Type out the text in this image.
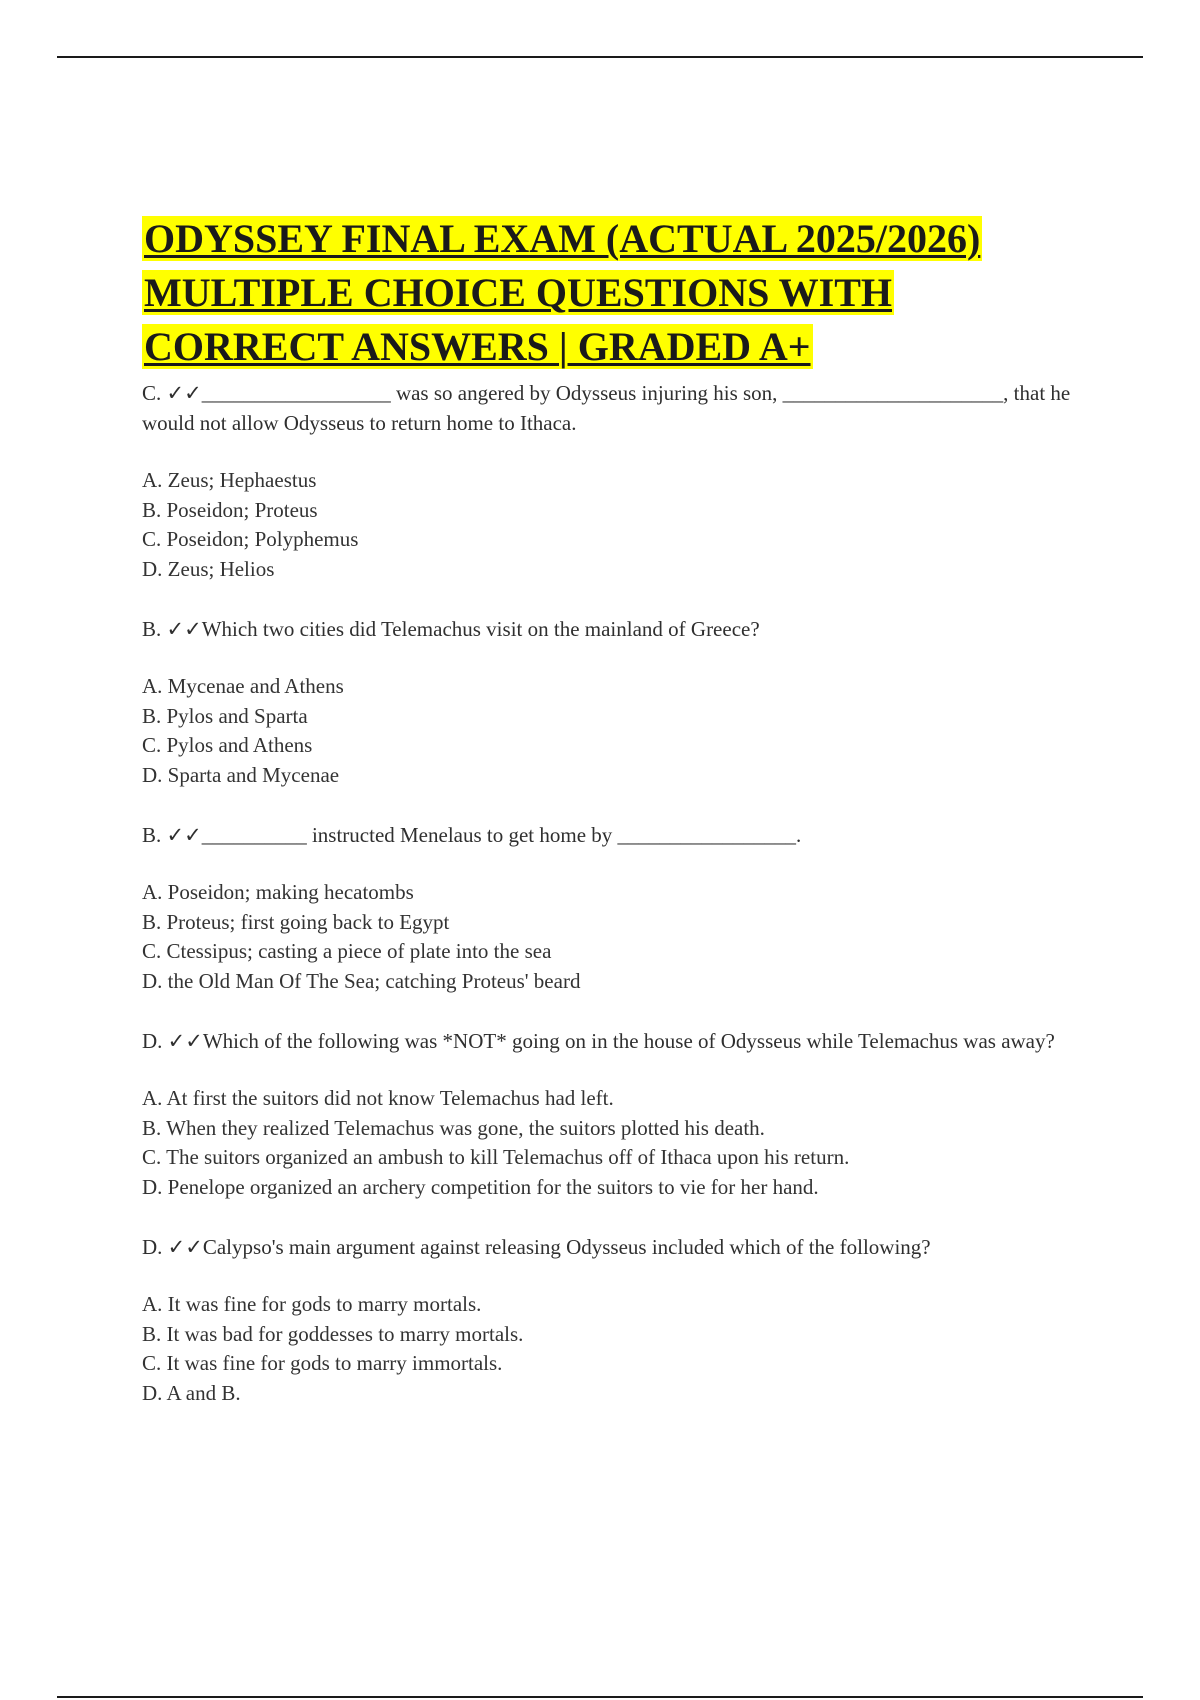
ODYSSEY FINAL EXAM (ACTUAL 2025/2026)
MULTIPLE CHOICE QUESTIONS WITH
CORRECT ANSWERS | GRADED A+

C. ✓✓__________________ was so angered by Odysseus injuring his son, _____________________, that he would not allow Odysseus to return home to Ithaca.

A. Zeus; Hephaestus
B. Poseidon; Proteus
C. Poseidon; Polyphemus
D. Zeus; Helios

B. ✓✓Which two cities did Telemachus visit on the mainland of Greece?

A. Mycenae and Athens
B. Pylos and Sparta
C. Pylos and Athens
D. Sparta and Mycenae

B. ✓✓__________ instructed Menelaus to get home by _________________.

A. Poseidon; making hecatombs
B. Proteus; first going back to Egypt
C. Ctessipus; casting a piece of plate into the sea
D. the Old Man Of The Sea; catching Proteus' beard

D. ✓✓Which of the following was *NOT* going on in the house of Odysseus while Telemachus was away?

A. At first the suitors did not know Telemachus had left.
B. When they realized Telemachus was gone, the suitors plotted his death.
C. The suitors organized an ambush to kill Telemachus off of Ithaca upon his return.
D. Penelope organized an archery competition for the suitors to vie for her hand.

D. ✓✓Calypso's main argument against releasing Odysseus included which of the following?

A. It was fine for gods to marry mortals.
B. It was bad for goddesses to marry mortals.
C. It was fine for gods to marry immortals.
D. A and B.
